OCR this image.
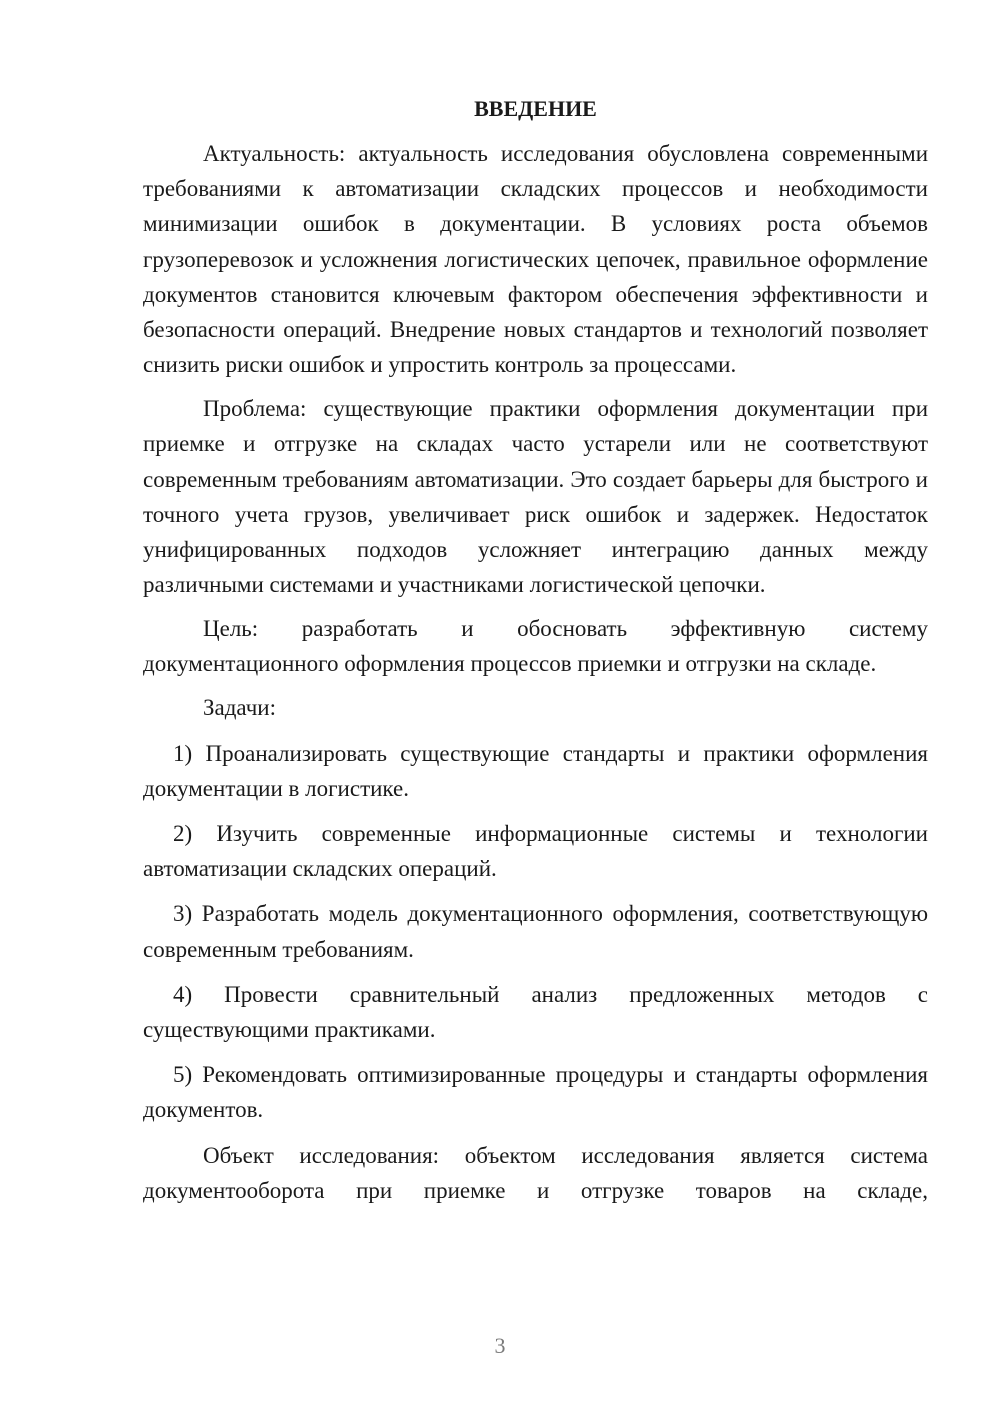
ВВЕДЕНИЕ

Актуальность: актуальность исследования обусловлена современными требованиями к автоматизации складских процессов и необходимости минимизации ошибок в документации. В условиях роста объемов грузоперевозок и усложнения логистических цепочек, правильное оформление документов становится ключевым фактором обеспечения эффективности и безопасности операций. Внедрение новых стандартов и технологий позволяет снизить риски ошибок и упростить контроль за процессами.

Проблема: существующие практики оформления документации при приемке и отгрузке на складах часто устарели или не соответствуют современным требованиям автоматизации. Это создает барьеры для быстрого и точного учета грузов, увеличивает риск ошибок и задержек. Недостаток унифицированных подходов усложняет интеграцию данных между различными системами и участниками логистической цепочки.

Цель: разработать и обосновать эффективную систему документационного оформления процессов приемки и отгрузки на складе.

Задачи:

1) Проанализировать существующие стандарты и практики оформления документации в логистике.

2) Изучить современные информационные системы и технологии автоматизации складских операций.

3) Разработать модель документационного оформления, соответствующую современным требованиям.

4) Провести сравнительный анализ предложенных методов с существующими практиками.

5) Рекомендовать оптимизированные процедуры и стандарты оформления документов.

Объект исследования: объектом исследования является система документооборота при приемке и отгрузке товаров на складе,

3
